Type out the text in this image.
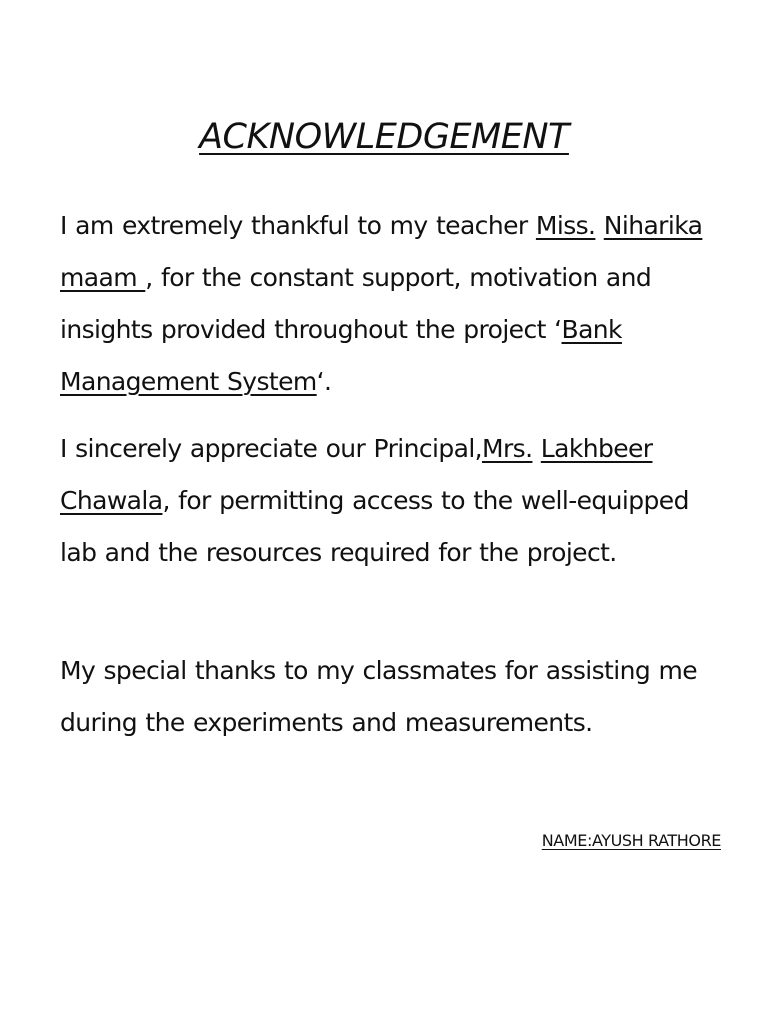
ACKNOWLEDGEMENT

I am extremely thankful to my teacher Miss. Niharika maam , for the constant support, motivation and insights provided throughout the project ‘Bank Management System‘.

I sincerely appreciate our Principal,Mrs. Lakhbeer Chawala, for permitting access to the well-equipped lab and the resources required for the project.

My special thanks to my classmates for assisting me during the experiments and measurements.

NAME:AYUSH RATHORE
